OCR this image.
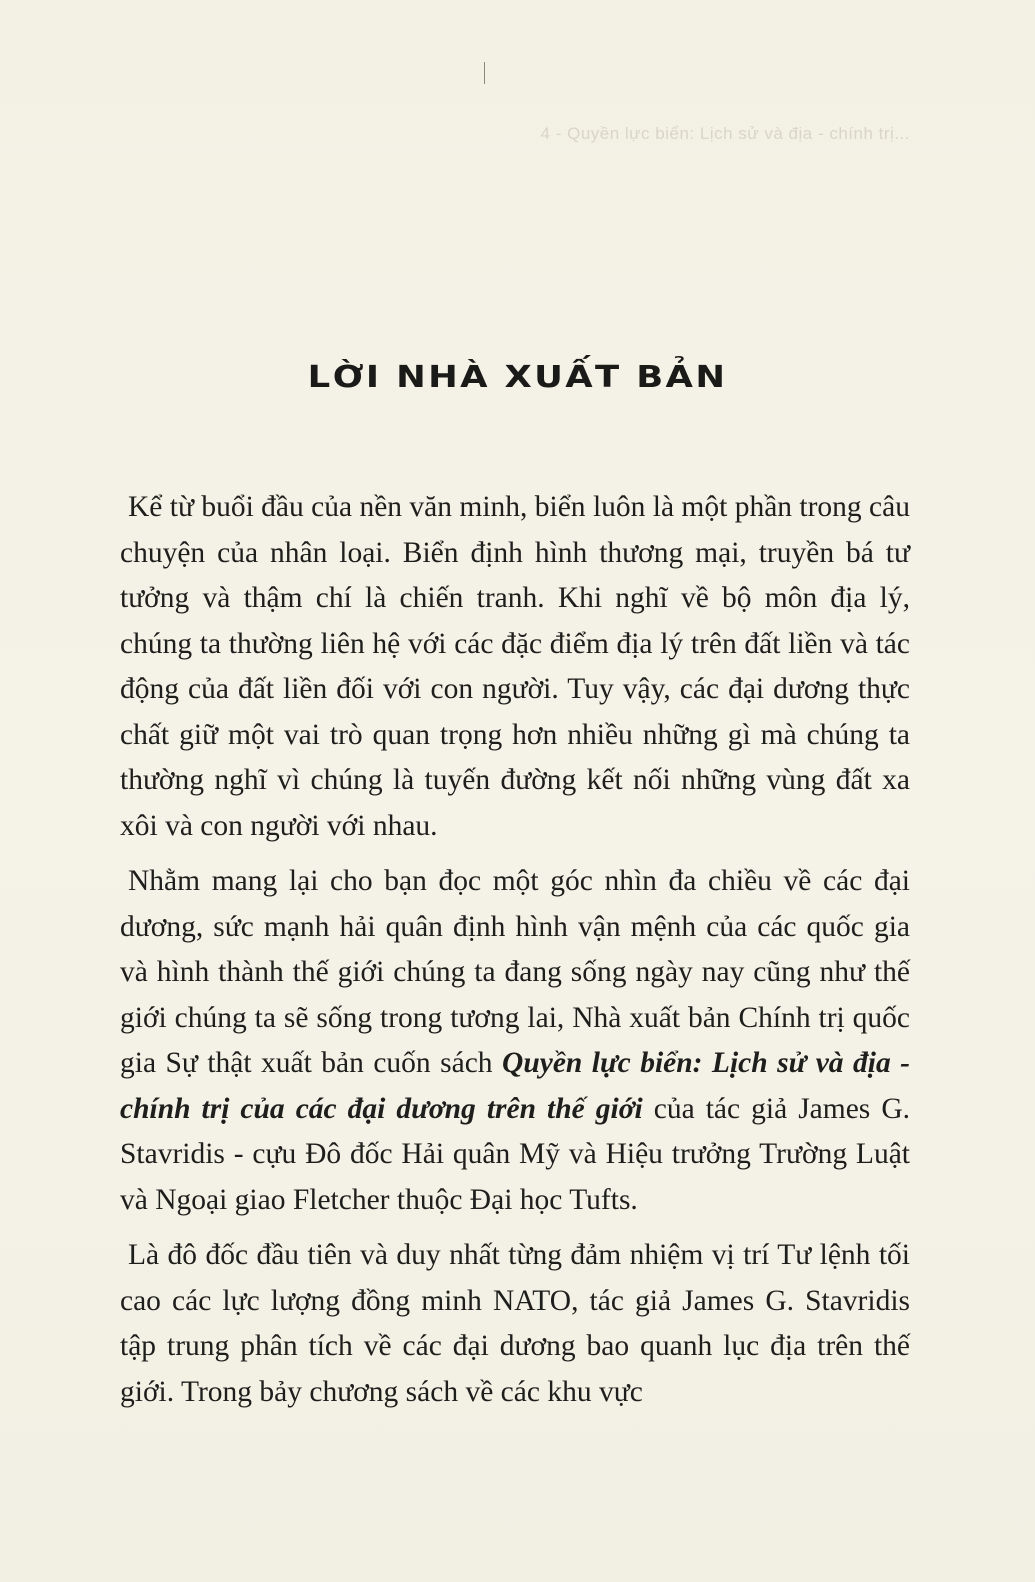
4 - Quyền lực biển: Lịch sử và địa - chính trị...
LỜI NHÀ XUẤT BẢN

Kể từ buổi đầu của nền văn minh, biển luôn là một phần trong câu chuyện của nhân loại. Biển định hình thương mại, truyền bá tư tưởng và thậm chí là chiến tranh. Khi nghĩ về bộ môn địa lý, chúng ta thường liên hệ với các đặc điểm địa lý trên đất liền và tác động của đất liền đối với con người. Tuy vậy, các đại dương thực chất giữ một vai trò quan trọng hơn nhiều những gì mà chúng ta thường nghĩ vì chúng là tuyến đường kết nối những vùng đất xa xôi và con người với nhau.

Nhằm mang lại cho bạn đọc một góc nhìn đa chiều về các đại dương, sức mạnh hải quân định hình vận mệnh của các quốc gia và hình thành thế giới chúng ta đang sống ngày nay cũng như thế giới chúng ta sẽ sống trong tương lai, Nhà xuất bản Chính trị quốc gia Sự thật xuất bản cuốn sách Quyền lực biển: Lịch sử và địa - chính trị của các đại dương trên thế giới của tác giả James G. Stavridis - cựu Đô đốc Hải quân Mỹ và Hiệu trưởng Trường Luật và Ngoại giao Fletcher thuộc Đại học Tufts.

Là đô đốc đầu tiên và duy nhất từng đảm nhiệm vị trí Tư lệnh tối cao các lực lượng đồng minh NATO, tác giả James G. Stavridis tập trung phân tích về các đại dương bao quanh lục địa trên thế giới. Trong bảy chương sách về các khu vực
